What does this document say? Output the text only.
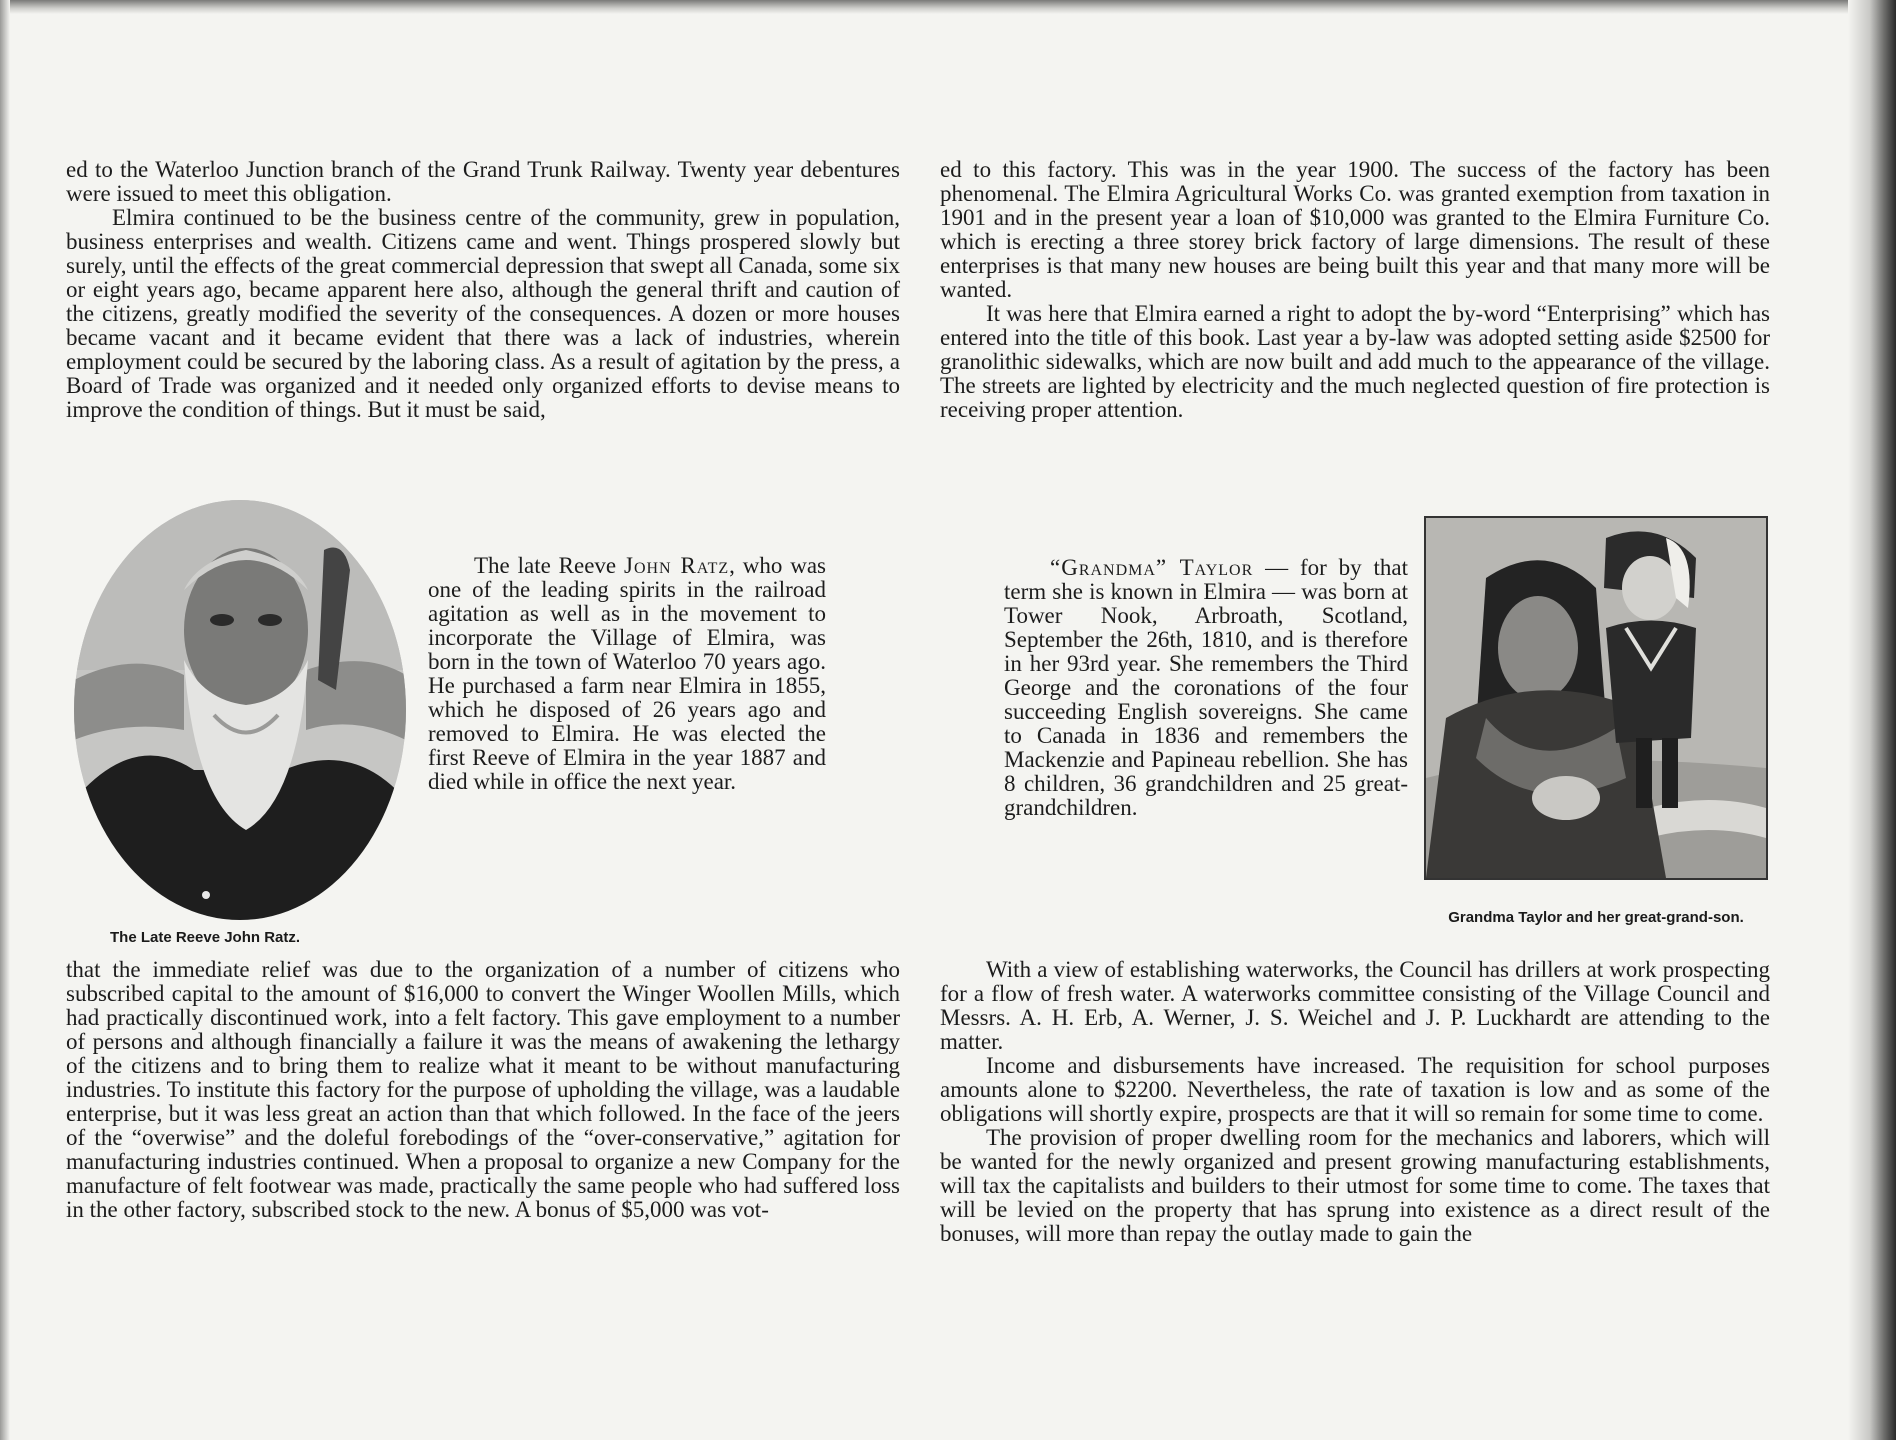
ed to the Waterloo Junction branch of the Grand Trunk Railway. Twenty year debentures were issued to meet this obligation.

Elmira continued to be the business centre of the community, grew in population, business enterprises and wealth. Citizens came and went. Things prospered slowly but surely, until the effects of the great commercial depression that swept all Canada, some six or eight years ago, became apparent here also, although the general thrift and caution of the citizens, greatly modified the severity of the consequences. A dozen or more houses became vacant and it became evident that there was a lack of industries, wherein employment could be secured by the laboring class. As a result of agitation by the press, a Board of Trade was organized and it needed only organized efforts to devise means to improve the condition of things. But it must be said,

ed to this factory. This was in the year 1900. The success of the factory has been phenomenal. The Elmira Agricultural Works Co. was granted exemption from taxation in 1901 and in the present year a loan of $10,000 was granted to the Elmira Furniture Co. which is erecting a three storey brick factory of large dimensions. The result of these enterprises is that many new houses are being built this year and that many more will be wanted.

It was here that Elmira earned a right to adopt the by-word “Enterprising” which has entered into the title of this book. Last year a by-law was adopted setting aside $2500 for granolithic sidewalks, which are now built and add much to the appearance of the village. The streets are lighted by electricity and the much neglected question of fire protection is receiving proper attention.

The late Reeve John Ratz, who was one of the leading spirits in the railroad agitation as well as in the movement to incorporate the Village of Elmira, was born in the town of Waterloo 70 years ago. He purchased a farm near Elmira in 1855, which he disposed of 26 years ago and removed to Elmira. He was elected the first Reeve of Elmira in the year 1887 and died while in office the next year.

The Late Reeve John Ratz.

“Grandma” Taylor — for by that term she is known in Elmira — was born at Tower Nook, Arbroath, Scotland, September the 26th, 1810, and is therefore in her 93rd year. She remembers the Third George and the coronations of the four succeeding English sovereigns. She came to Canada in 1836 and remembers the Mackenzie and Papineau rebellion. She has 8 children, 36 grandchildren and 25 great-grandchildren.

Grandma Taylor and her great-grand-son.

that the immediate relief was due to the organization of a number of citizens who subscribed capital to the amount of $16,000 to convert the Winger Woollen Mills, which had practically discontinued work, into a felt factory. This gave employment to a number of persons and although financially a failure it was the means of awakening the lethargy of the citizens and to bring them to realize what it meant to be without manufacturing industries. To institute this factory for the purpose of upholding the village, was a laudable enterprise, but it was less great an action than that which followed. In the face of the jeers of the “overwise” and the doleful forebodings of the “over-conservative,” agitation for manufacturing industries continued. When a proposal to organize a new Company for the manufacture of felt footwear was made, practically the same people who had suffered loss in the other factory, subscribed stock to the new. A bonus of $5,000 was vot-

With a view of establishing waterworks, the Council has drillers at work prospecting for a flow of fresh water. A waterworks committee consisting of the Village Council and Messrs. A. H. Erb, A. Werner, J. S. Weichel and J. P. Luckhardt are attending to the matter.

Income and disbursements have increased. The requisition for school purposes amounts alone to $2200. Nevertheless, the rate of taxation is low and as some of the obligations will shortly expire, prospects are that it will so remain for some time to come.

The provision of proper dwelling room for the mechanics and laborers, which will be wanted for the newly organized and present growing manufacturing establishments, will tax the capitalists and builders to their utmost for some time to come. The taxes that will be levied on the property that has sprung into existence as a direct result of the bonuses, will more than repay the outlay made to gain the
